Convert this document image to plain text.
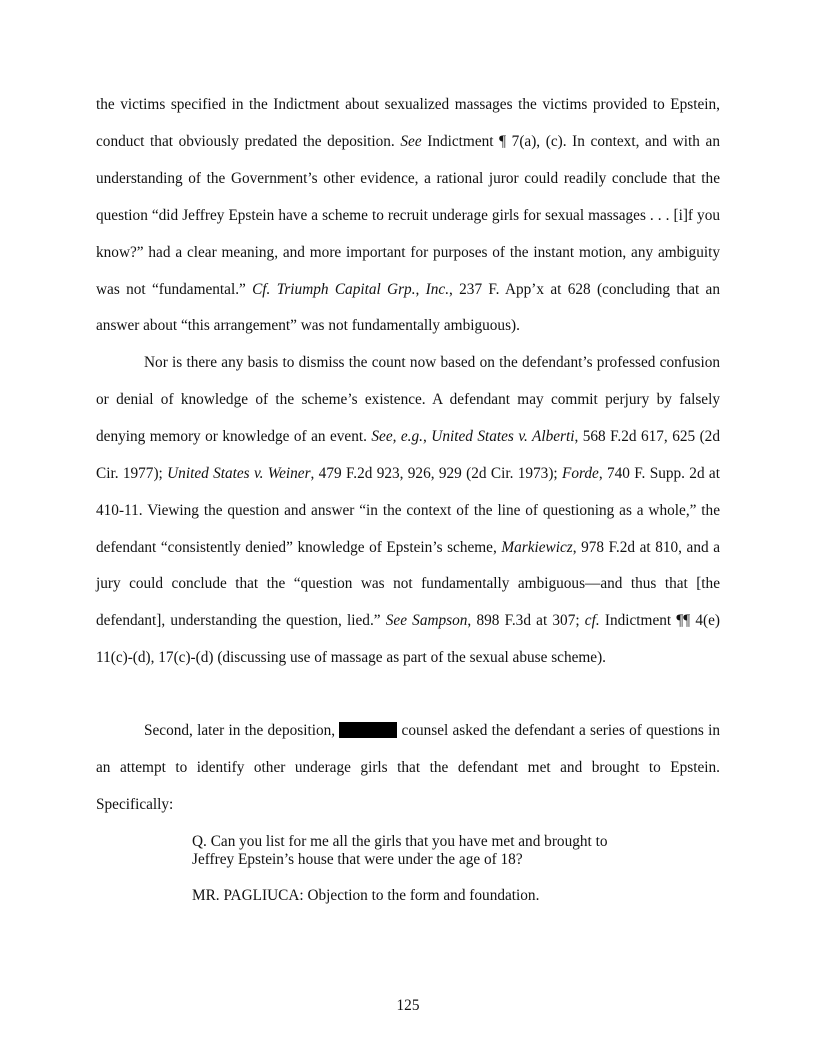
the victims specified in the Indictment about sexualized massages the victims provided to Epstein, conduct that obviously predated the deposition. See Indictment ¶ 7(a), (c). In context, and with an understanding of the Government’s other evidence, a rational juror could readily conclude that the question “did Jeffrey Epstein have a scheme to recruit underage girls for sexual massages . . . [i]f you know?” had a clear meaning, and more important for purposes of the instant motion, any ambiguity was not “fundamental.” Cf. Triumph Capital Grp., Inc., 237 F. App’x at 628 (concluding that an answer about “this arrangement” was not fundamentally ambiguous).

Nor is there any basis to dismiss the count now based on the defendant’s professed confusion or denial of knowledge of the scheme’s existence. A defendant may commit perjury by falsely denying memory or knowledge of an event. See, e.g., United States v. Alberti, 568 F.2d 617, 625 (2d Cir. 1977); United States v. Weiner, 479 F.2d 923, 926, 929 (2d Cir. 1973); Forde, 740 F. Supp. 2d at 410-11. Viewing the question and answer “in the context of the line of questioning as a whole,” the defendant “consistently denied” knowledge of Epstein’s scheme, Markiewicz, 978 F.2d at 810, and a jury could conclude that the “question was not fundamentally ambiguous—and thus that [the defendant], understanding the question, lied.” See Sampson, 898 F.3d at 307; cf. Indictment ¶¶ 4(e) 11(c)-(d), 17(c)-(d) (discussing use of massage as part of the sexual abuse scheme).

Second, later in the deposition,	counsel asked the defendant a series of questions in an attempt to identify other underage girls that the defendant met and brought to Epstein. Specifically:

Q. Can you list for me all the girls that you have met and brought to
Jeffrey Epstein’s house that were under the age of 18?

MR. PAGLIUCA: Objection to the form and foundation.

125
